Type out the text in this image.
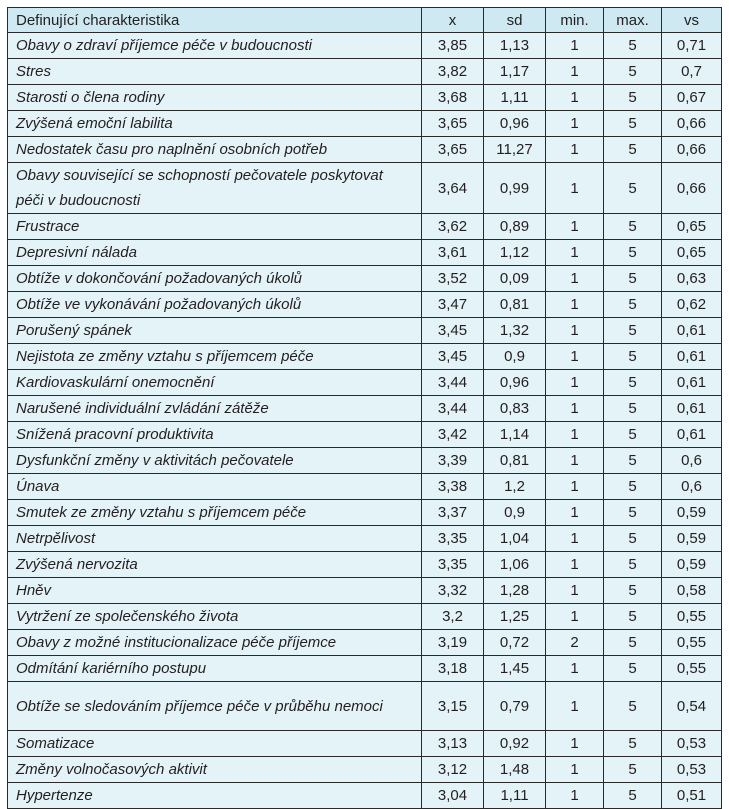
Definující charakteristika	x	sd	min.	max.	vs
Obavy o zdraví příjemce péče v budoucnosti	3,85	1,13	1	5	0,71
Stres	3,82	1,17	1	5	0,7
Starosti o člena rodiny	3,68	1,11	1	5	0,67
Zvýšená emoční labilita	3,65	0,96	1	5	0,66
Nedostatek času pro naplnění osobních potřeb	3,65	11,27	1	5	0,66
Obavy související se schopností pečovatele poskytovat péči v budoucnosti	3,64	0,99	1	5	0,66
Frustrace	3,62	0,89	1	5	0,65
Depresivní nálada	3,61	1,12	1	5	0,65
Obtíže v dokončování požadovaných úkolů	3,52	0,09	1	5	0,63
Obtíže ve vykonávání požadovaných úkolů	3,47	0,81	1	5	0,62
Porušený spánek	3,45	1,32	1	5	0,61
Nejistota ze změny vztahu s příjemcem péče	3,45	0,9	1	5	0,61
Kardiovaskulární onemocnění	3,44	0,96	1	5	0,61
Narušené individuální zvládání zátěže	3,44	0,83	1	5	0,61
Snížená pracovní produktivita	3,42	1,14	1	5	0,61
Dysfunkční změny v aktivitách pečovatele	3,39	0,81	1	5	0,6
Únava	3,38	1,2	1	5	0,6
Smutek ze změny vztahu s příjemcem péče	3,37	0,9	1	5	0,59
Netrpělivost	3,35	1,04	1	5	0,59
Zvýšená nervozita	3,35	1,06	1	5	0,59
Hněv	3,32	1,28	1	5	0,58
Vytržení ze společenského života	3,2	1,25	1	5	0,55
Obavy z možné institucionalizace péče příjemce	3,19	0,72	2	5	0,55
Odmítání kariérního postupu	3,18	1,45	1	5	0,55
Obtíže se sledováním příjemce péče v průběhu nemoci	3,15	0,79	1	5	0,54
Somatizace	3,13	0,92	1	5	0,53
Změny volnočasových aktivit	3,12	1,48	1	5	0,53
Hypertenze	3,04	1,11	1	5	0,51
